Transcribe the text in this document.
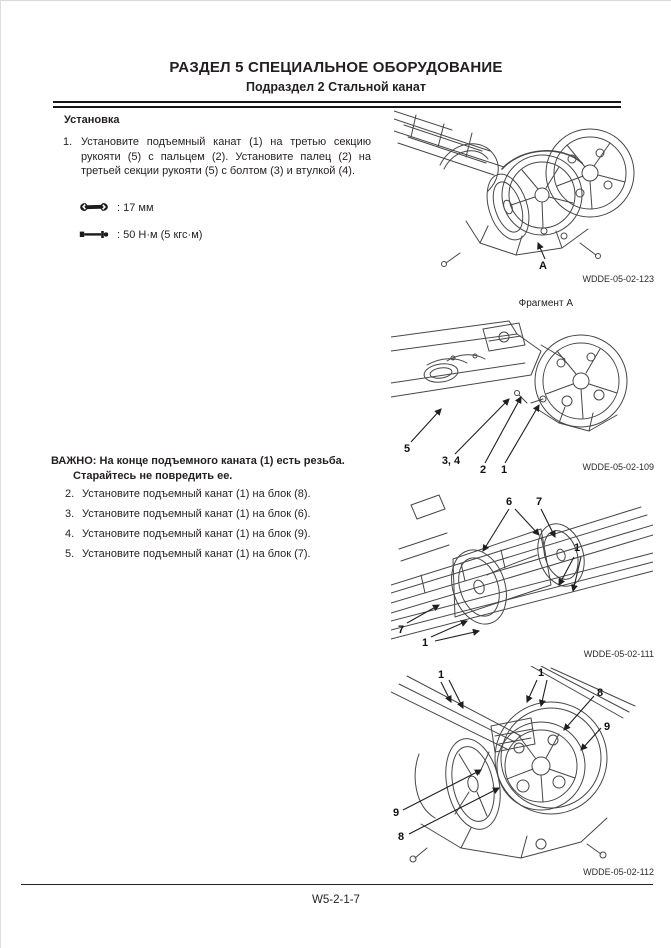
РАЗДЕЛ 5 СПЕЦИАЛЬНОЕ ОБОРУДОВАНИЕ
Подраздел 2 Стальной канат
Установка
1. Установите подъемный канат (1) на третью секцию рукояти (5) с пальцем (2). Установите палец (2) на третьей секции рукояти (5) с болтом (3) и втулкой (4).
: 17 мм
: 50 Н·м (5 кгс·м)
ВАЖНО: На конце подъемного каната (1) есть резьба. Старайтесь не повредить ее.
2. Установите подъемный канат (1) на блок (8).
3. Установите подъемный канат (1) на блок (6).
4. Установите подъемный канат (1) на блок (9).
5. Установите подъемный канат (1) на блок (7).
A
WDDE-05-02-123
Фрагмент A
5
3, 4
2 1	WDDE-05-02-109
6 7
1
7
1
WDDE-05-02-111
1	1
8
9
9
8
WDDE-05-02-112
W5-2-1-7
